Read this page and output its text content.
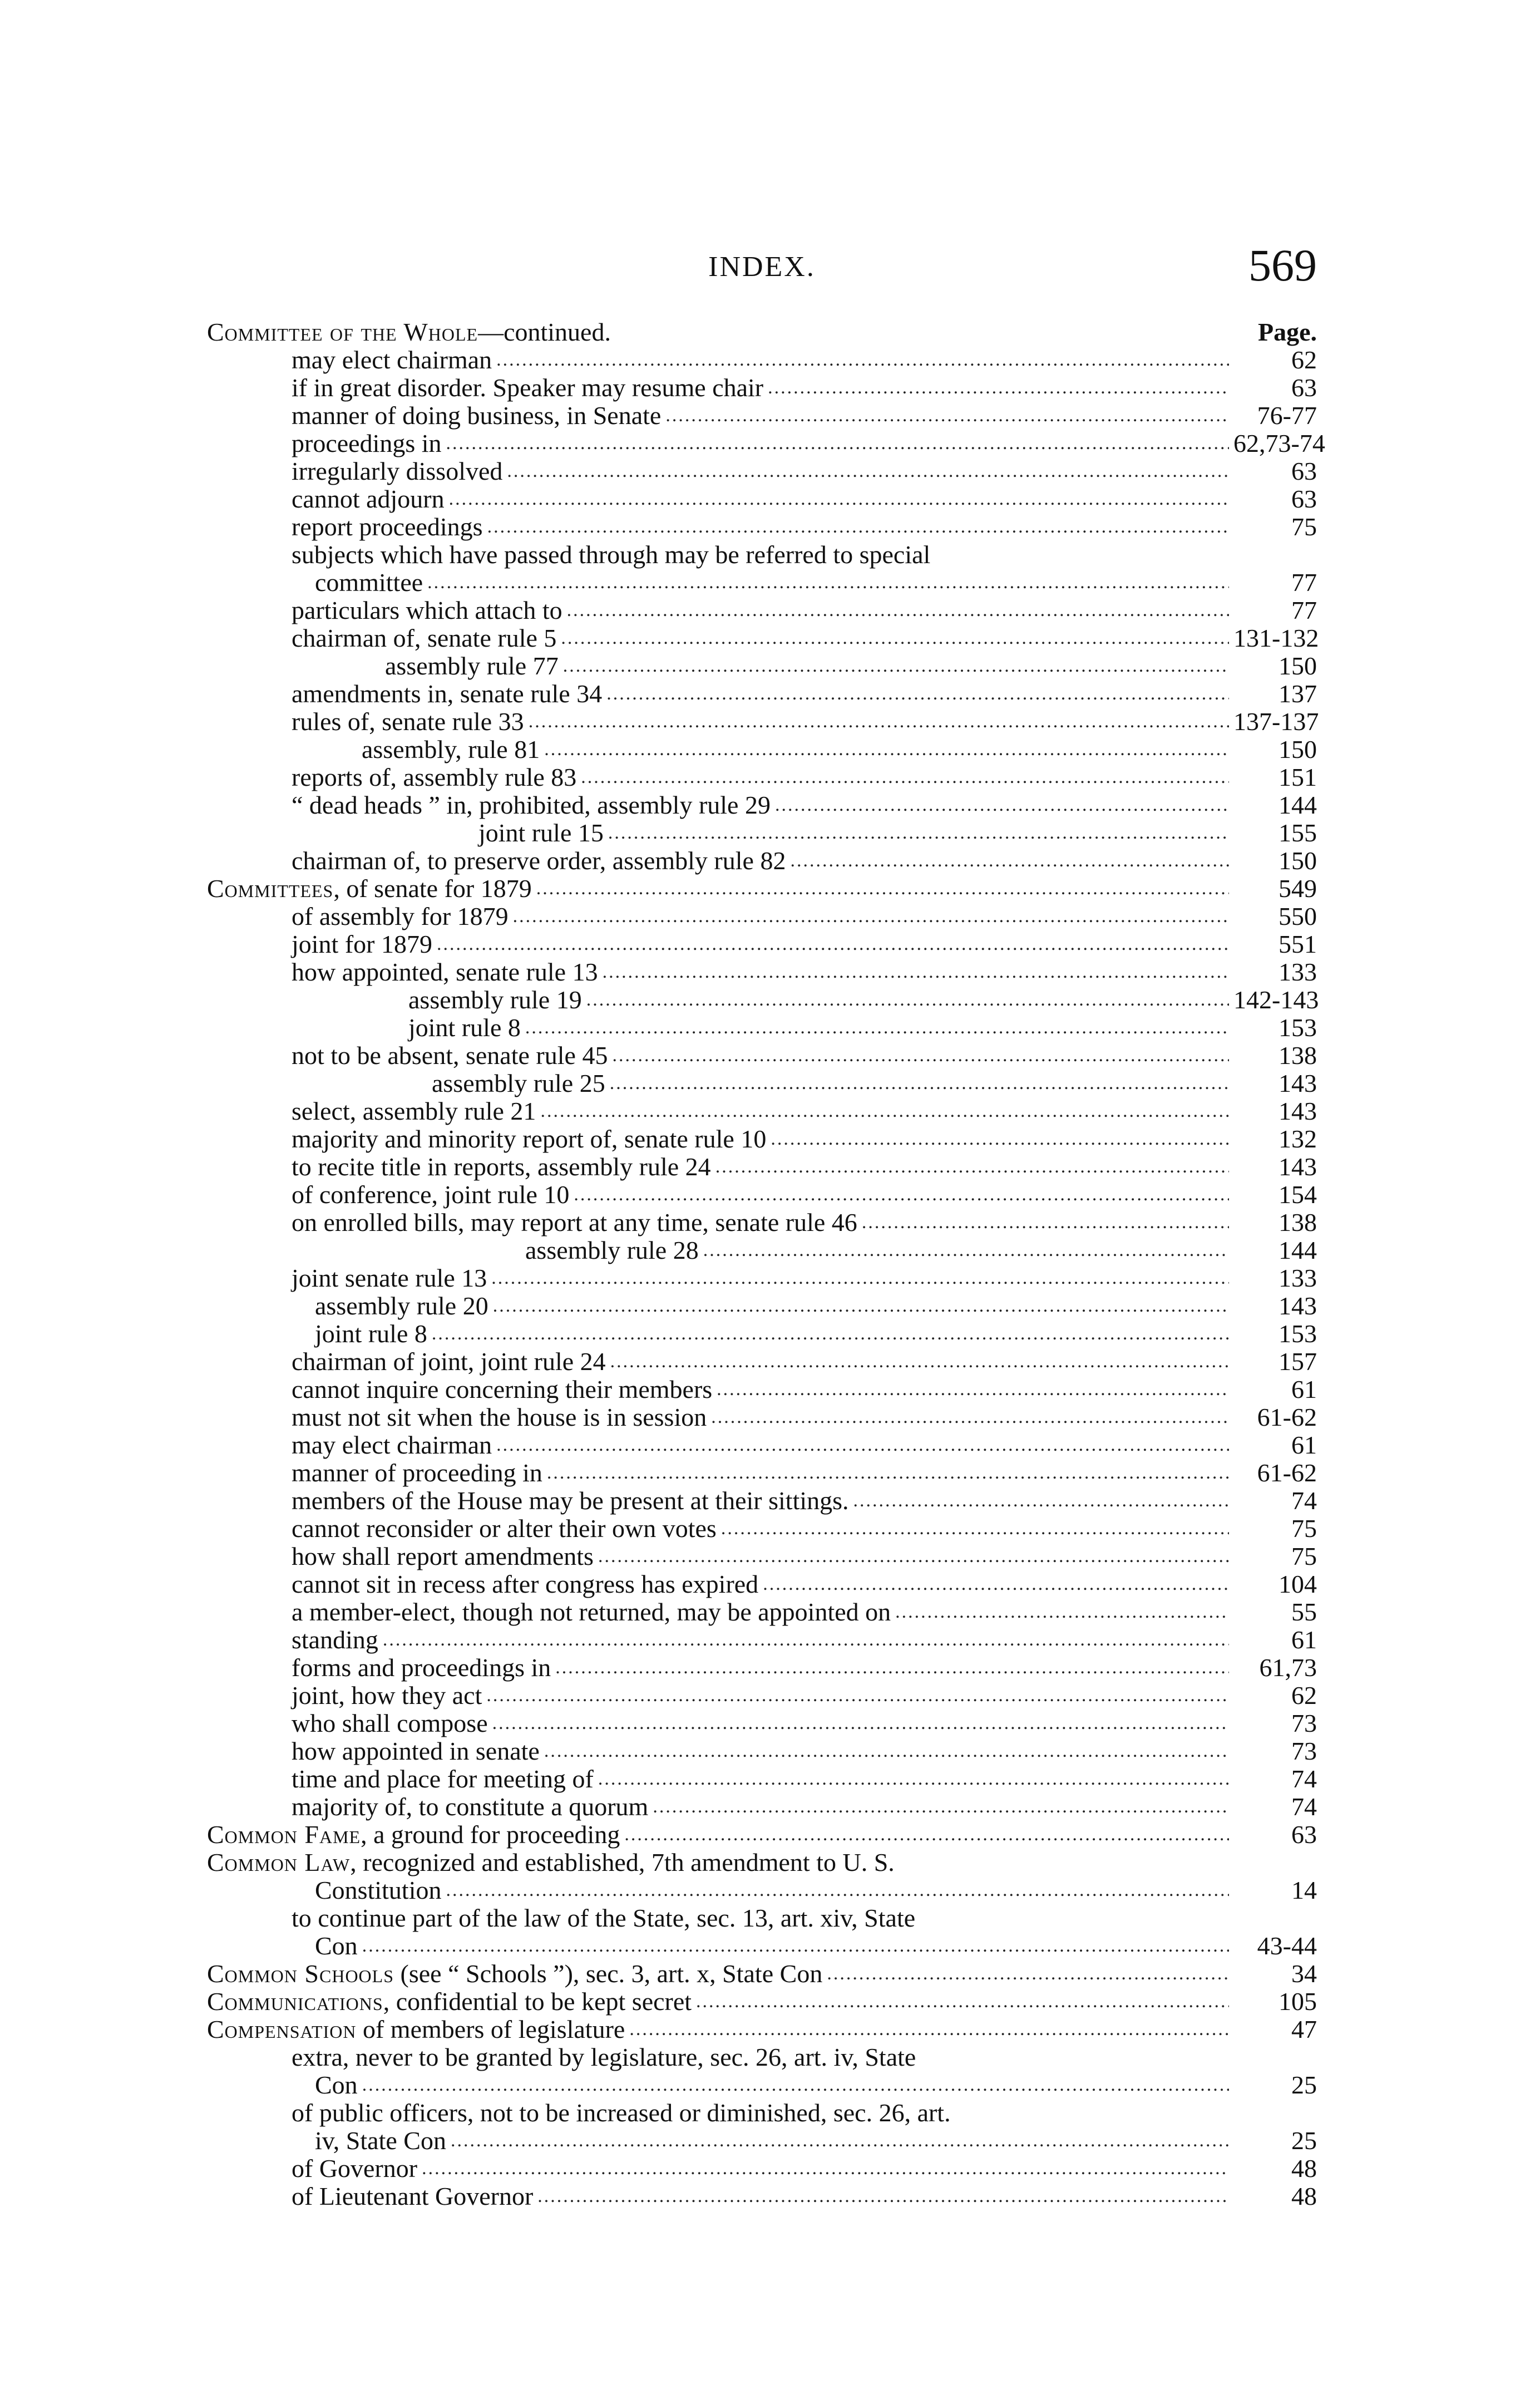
INDEX.	569
Committee of the Whole—continued.	Page.
may elect chairman .....	62
if in great disorder. Speaker may resume chair .....	63
manner of doing business, in Senate .....	76-77
proceedings in .....	62,73-74
irregularly dissolved .....	63
cannot adjourn .....	63
report proceedings .....	75
subjects which have passed through may be referred to special
committee .....	77
particulars which attach to .....	77
chairman of, senate rule 5 .....	131-132
assembly rule 77 .....	150
amendments in, senate rule 34 .....	137
rules of, senate rule 33 .....	137-137
assembly, rule 81 .....	150
reports of, assembly rule 83 .....	151
“ dead heads ” in, prohibited, assembly rule 29 .....	144
joint rule 15 .....	155
chairman of, to preserve order, assembly rule 82 .....	150
Committees, of senate for 1879 .....	549
of assembly for 1879 .....	550
joint for 1879 .....	551
how appointed, senate rule 13 .....	133
assembly rule 19 .....	142-143
joint rule 8 .....	153
not to be absent, senate rule 45 .....	138
assembly rule 25 .....	143
select, assembly rule 21 .....	143
majority and minority report of, senate rule 10 .....	132
to recite title in reports, assembly rule 24 .....	143
of conference, joint rule 10 .....	154
on enrolled bills, may report at any time, senate rule 46 .....	138
assembly rule 28 .....	144
joint senate rule 13 .....	133
assembly rule 20 .....	143
joint rule 8 .....	153
chairman of joint, joint rule 24 .....	157
cannot inquire concerning their members .....	61
must not sit when the house is in session .....	61-62
may elect chairman .....	61
manner of proceeding in .....	61-62
members of the House may be present at their sittings. .....	74
cannot reconsider or alter their own votes .....	75
how shall report amendments .....	75
cannot sit in recess after congress has expired .....	104
a member-elect, though not returned, may be appointed on .....	55
standing .....	61
forms and proceedings in .....	61,73
joint, how they act .....	62
who shall compose .....	73
how appointed in senate .....	73
time and place for meeting of .....	74
majority of, to constitute a quorum .....	74
Common Fame, a ground for proceeding .....	63
Common Law, recognized and established, 7th amendment to U. S.
Constitution .....	14
to continue part of the law of the State, sec. 13, art. xiv, State
Con .....	43-44
Common Schools (see “ Schools ”), sec. 3, art. x, State Con .....	34
Communications, confidential to be kept secret .....	105
Compensation of members of legislature .....	47
extra, never to be granted by legislature, sec. 26, art. iv, State
Con .....	25
of public officers, not to be increased or diminished, sec. 26, art.
iv, State Con .....	25
of Governor .....	48
of Lieutenant Governor .....	48
